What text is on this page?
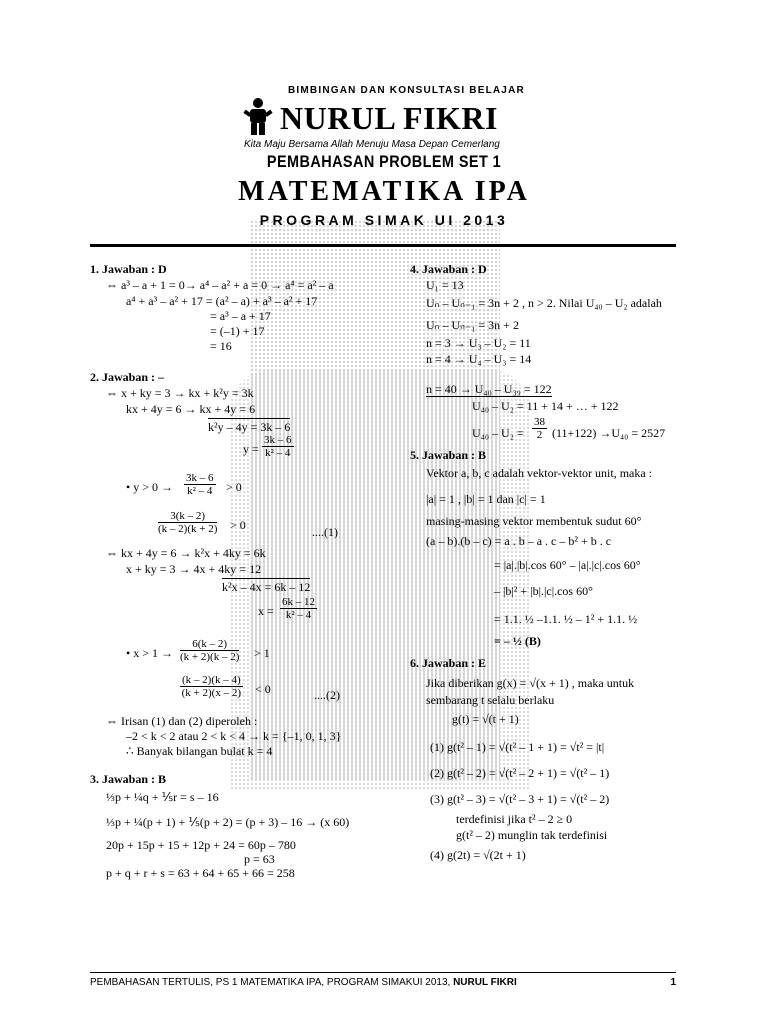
BIMBINGAN DAN KONSULTASI BELAJAR
NURUL FIKRI
Kita Maju Bersama Allah Menuju Masa Depan Cemerlang
PEMBAHASAN PROBLEM SET 1
MATEMATIKA IPA
PROGRAM SIMAK UI 2013
1. Jawaban : D
⇔ a³ – a + 1 = 0→ a⁴ – a² + a = 0 → a⁴ = a² – a
a⁴ + a³ – a² + 17 = (a² – a) + a³ – a² + 17
= a³ – a + 17
= (–1) + 17
= 16
2. Jawaban : –
⇔ x + ky = 3 → kx + k²y = 3k
kx + 4y = 6 → kx + 4y = 6
k²y – 4y = 3k – 6
$y = \frac{3k - 6}{\text{k² – 4}}$
• $y > 0 \to \frac{3k - 6}{\text{k² – 4}} > 0$
$\frac{3(k - 2)}{(k - 2)(k + 2)} > 0$	....(1)
⇔ kx + 4y = 6 → k²x + 4ky = 6k
x + ky = 3 → 4x + 4ky = 12
k²x – 4x = 6k – 12
$x = \frac{6k - 12}{\text{k² – 4}}$
• $x > 1 \to \frac{6(k - 2)}{(k + 2)(k - 2)} > 1$
$\frac{(k - 2)(k - 4)}{(k + 2)(x - 2)} < 0$	....(2)
⇔ Irisan (1) dan (2) diperoleh :
–2 < k < 2 atau 2 < k < 4 → k = {–1, 0, 1, 3}
∴ Banyak bilangan bulat k = 4
3. Jawaban : B
⅓p + ¼q + ⅕r = s – 16
⅓p + ¼(p + 1) + ⅕(p + 2) = (p + 3) – 16 → (x 60)
20p + 15p + 15 + 12p + 24 = 60p – 780
p = 63
p + q + r + s = 63 + 64 + 65 + 66 = 258
4. Jawaban : D
U₁ = 13
Uₙ – Uₙ₋₁ = 3n + 2 , n > 2. Nilai U₄₀ – U₂ adalah
Uₙ – Uₙ₋₁ = 3n + 2
n = 3 → U₃ – U₂ = 11
n = 4 → U₄ – U₃ = 14
n = 40 → U₄₀ – U₃₉ = 122
U₄₀ – U₂ = 11 + 14 + … + 122
$U_{40} - U_2 = \frac{38}{2} (11+122) \to U_{40} = 2527$
5. Jawaban : B
Vektor a, b, c adalah vektor-vektor unit, maka :
|a| = 1 , |b| = 1 dan |c| = 1
masing-masing vektor membentuk sudut 60°
(a – b).(b – c) = a . b – a . c – b² + b . c
= |a|.|b|.cos 60° – |a|.|c|.cos 60°
– |b|² + |b|.|c|.cos 60°
= 1.1. ½ –1.1. ½ – 1² + 1.1. ½
= – ½ (B)
6. Jawaban : E
Jika diberikan g(x) = √(x + 1) , maka untuk
sembarang t selalu berlaku
g(t) = √(t + 1)
(1) g(t² – 1) = √(t² – 1 + 1) = √t² = |t|
(2) g(t² – 2) = √(t² – 2 + 1) = √(t² – 1)
(3) g(t² – 3) = √(t² – 3 + 1) = √(t² – 2)
terdefinisi jika t² – 2 ≥ 0
g(t² – 2) munglin tak terdefinisi
(4) g(2t) = √(2t + 1)
PEMBAHASAN TERTULIS, PS 1 MATEMATIKA IPA, PROGRAM SIMAKUI 2013, NURUL FIKRI	1
